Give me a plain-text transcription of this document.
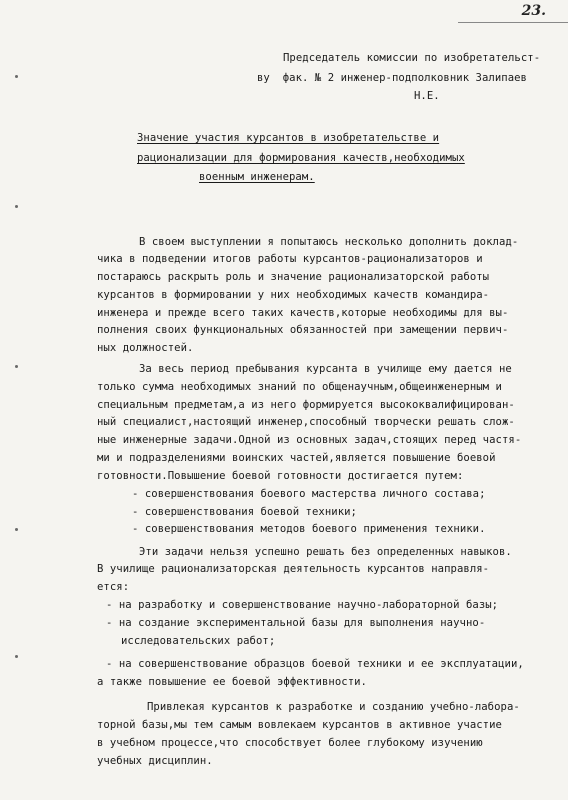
23.
Председатель комиссии по изобретательст-
ву  фак. № 2 инженер-подполковник Залипаев
Н.Е.
Значение участия курсантов в изобретательстве и
рационализации для формирования качеств,необходимых
военным инженерам.
В своем выступлении я попытаюсь несколько дополнить доклад-
чика в подведении итогов работы курсантов-рационализаторов и
постараюсь раскрыть роль и значение рационализаторской работы
курсантов в формировании у них необходимых качеств командира-
инженера и прежде всего таких качеств,которые необходимы для вы-
полнения своих функциональных обязанностей при замещении первич-
ных должностей.
За весь период пребывания курсанта в училище ему дается не
только сумма необходимых знаний по общенаучным,общеинженерным и
специальным предметам,а из него формируется высококвалифицирован-
ный специалист,настоящий инженер,способный творчески решать слож-
ные инженерные задачи.Одной из основных задач,стоящих перед частя-
ми и подразделениями воинских частей,является повышение боевой
готовности.Повышение боевой готовности достигается путем:
- совершенствования боевого мастерства личного состава;
- совершенствования боевой техники;
- совершенствования методов боевого применения техники.
Эти задачи нельзя успешно решать без определенных навыков.
В училище рационализаторская деятельность курсантов направля-
ется:
- на разработку и совершенствование научно-лабораторной базы;
- на создание экспериментальной базы для выполнения научно-
исследовательских работ;
- на совершенствование образцов боевой техники и ее эксплуатации,
а также повышение ее боевой эффективности.
Привлекая курсантов к разработке и созданию учебно-лабора-
торной базы,мы тем самым вовлекаем курсантов в активное участие
в учебном процессе,что способствует более глубокому изучению
учебных дисциплин.
